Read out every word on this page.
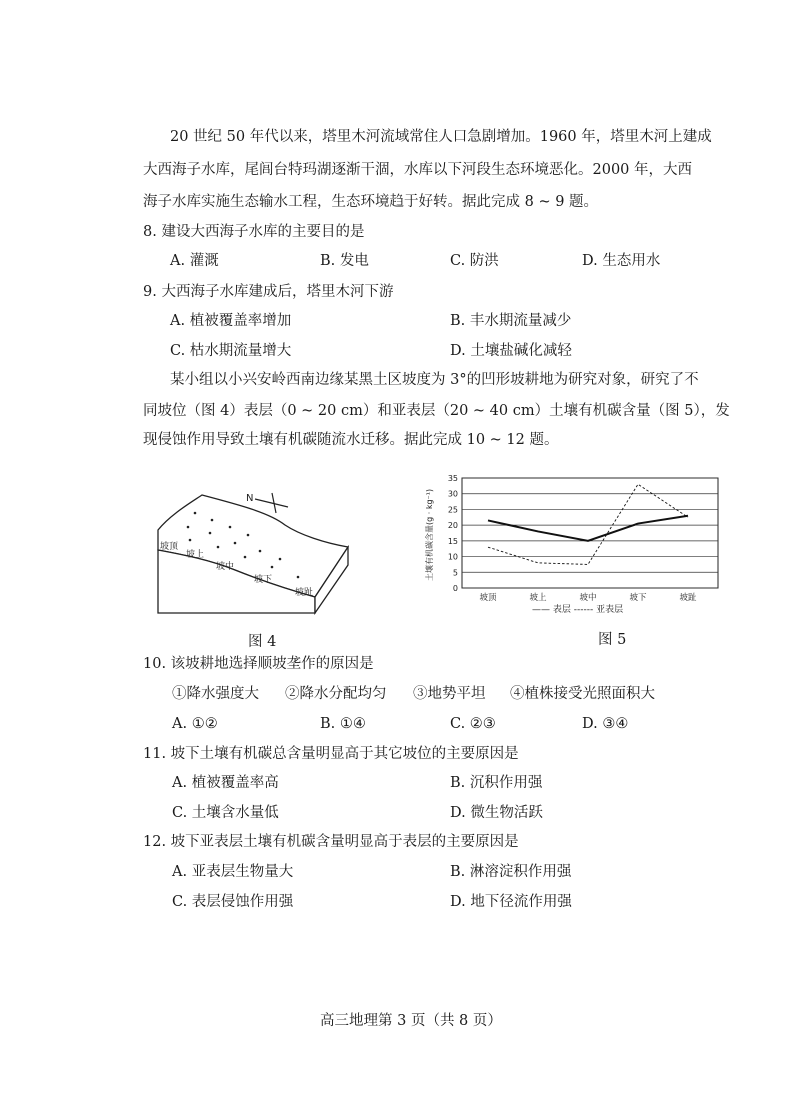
20 世纪 50 年代以来，塔里木河流域常住人口急剧增加。1960 年，塔里木河上建成
大西海子水库，尾闾台特玛湖逐渐干涸，水库以下河段生态环境恶化。2000 年，大西
海子水库实施生态输水工程，生态环境趋于好转。据此完成 8 ~ 9 题。
8. 建设大西海子水库的主要目的是
A. 灌溉	B. 发电	C. 防洪	D. 生态用水
9. 大西海子水库建成后，塔里木河下游
A. 植被覆盖率增加	B. 丰水期流量减少
C. 枯水期流量增大	D. 土壤盐碱化减轻
某小组以小兴安岭西南边缘某黑土区坡度为 3°的凹形坡耕地为研究对象，研究了不
同坡位（图 4）表层（0 ~ 20 cm）和亚表层（20 ~ 40 cm）土壤有机碳含量（图 5），发
现侵蚀作用导致土壤有机碳随流水迁移。据此完成 10 ~ 12 题。
N
坡顶
坡上
坡中
坡下
坡趾
图 4
0
5
10
15
20
25
30
35
坡顶	坡上	坡中	坡下	坡趾
土壤有机碳含量(g · kg⁻¹)
—— 表层 ------ 亚表层
图 5
10. 该坡耕地选择顺坡垄作的原因是
①降水强度大 ②降水分配均匀 ③地势平坦 ④植株接受光照面积大
A. ①②	B. ①④	C. ②③	D. ③④
11. 坡下土壤有机碳总含量明显高于其它坡位的主要原因是
A. 植被覆盖率高	B. 沉积作用强
C. 土壤含水量低	D. 微生物活跃
12. 坡下亚表层土壤有机碳含量明显高于表层的主要原因是
A. 亚表层生物量大	B. 淋溶淀积作用强
C. 表层侵蚀作用强	D. 地下径流作用强
高三地理第 3 页（共 8 页）
